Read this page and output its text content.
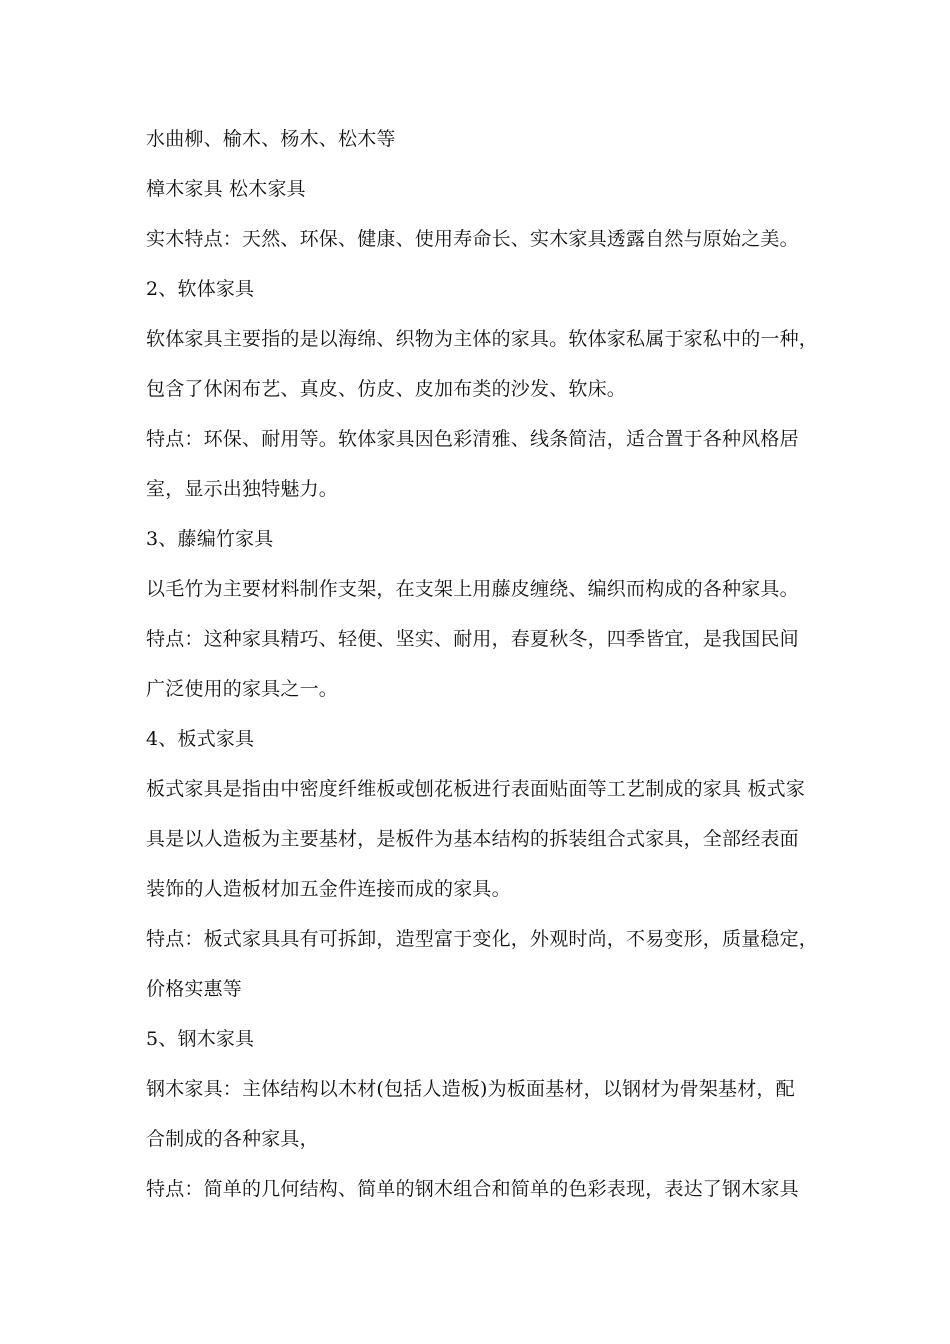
水曲柳、榆木、杨木、松木等
樟木家具 松木家具
实木特点：天然、环保、健康、使用寿命长、实木家具透露自然与原始之美。
2、软体家具
软体家具主要指的是以海绵、织物为主体的家具。软体家私属于家私中的一种，
包含了休闲布艺、真皮、仿皮、皮加布类的沙发、软床。
特点：环保、耐用等。软体家具因色彩清雅、线条简洁，适合置于各种风格居
室，显示出独特魅力。
3、藤编竹家具
以毛竹为主要材料制作支架，在支架上用藤皮缠绕、编织而构成的各种家具。
特点：这种家具精巧、轻便、坚实、耐用，春夏秋冬，四季皆宜，是我国民间
广泛使用的家具之一。
4、板式家具
板式家具是指由中密度纤维板或刨花板进行表面贴面等工艺制成的家具 板式家
具是以人造板为主要基材，是板件为基本结构的拆装组合式家具，全部经表面
装饰的人造板材加五金件连接而成的家具。
特点：板式家具具有可拆卸，造型富于变化，外观时尚，不易变形，质量稳定，
价格实惠等
5、钢木家具
钢木家具：主体结构以木材(包括人造板)为板面基材，以钢材为骨架基材，配
合制成的各种家具，
特点：简单的几何结构、简单的钢木组合和简单的色彩表现，表达了钢木家具
